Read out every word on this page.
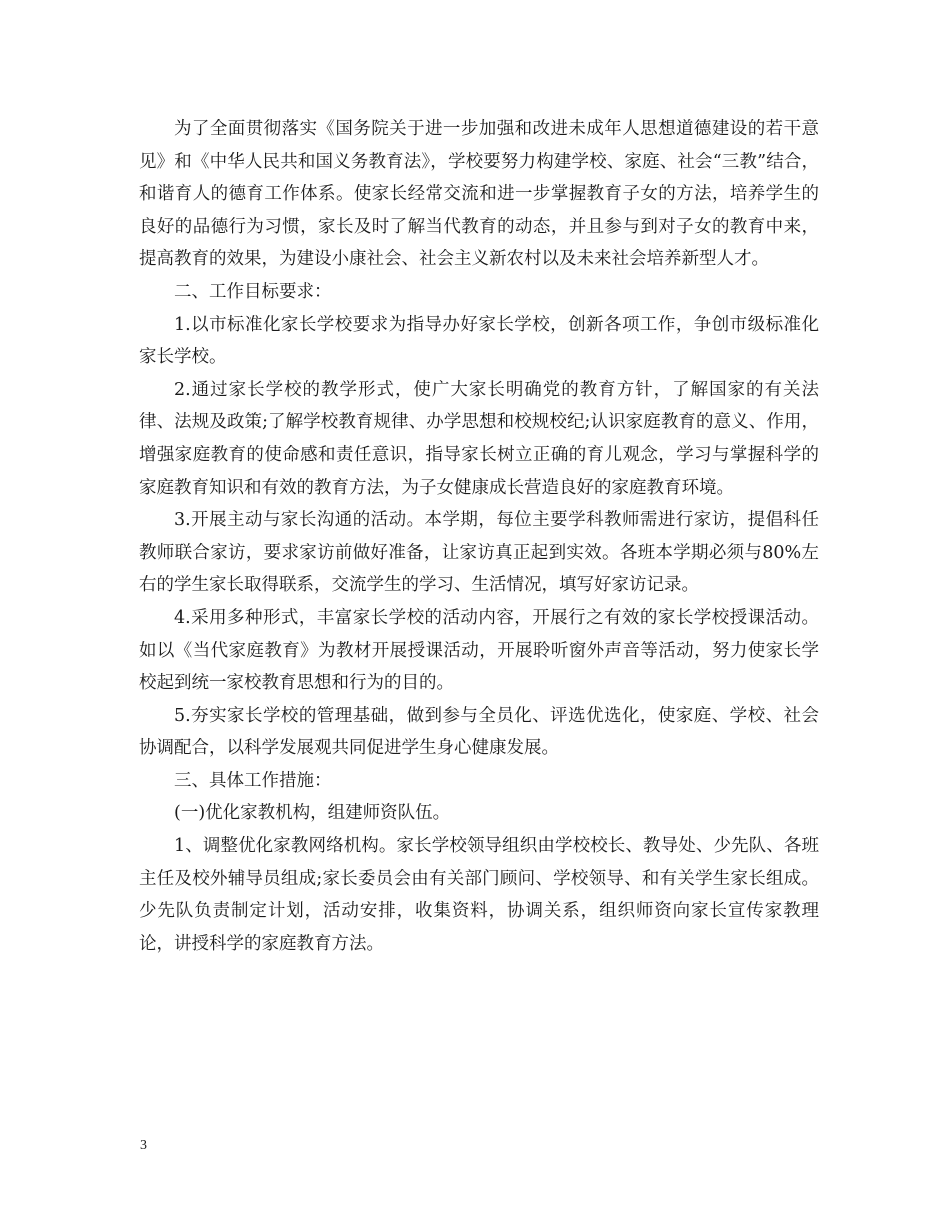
为了全面贯彻落实《国务院关于进一步加强和改进未成年人思想道德建设的若干意见》和《中华人民共和国义务教育法》，学校要努力构建学校、家庭、社会“三教”结合，和谐育人的德育工作体系。使家长经常交流和进一步掌握教育子女的方法，培养学生的良好的品德行为习惯，家长及时了解当代教育的动态，并且参与到对子女的教育中来，提高教育的效果，为建设小康社会、社会主义新农村以及未来社会培养新型人才。

二、工作目标要求：

1.以市标准化家长学校要求为指导办好家长学校，创新各项工作，争创市级标准化家长学校。

2.通过家长学校的教学形式，使广大家长明确党的教育方针，了解国家的有关法律、法规及政策;了解学校教育规律、办学思想和校规校纪;认识家庭教育的意义、作用，增强家庭教育的使命感和责任意识，指导家长树立正确的育儿观念，学习与掌握科学的家庭教育知识和有效的教育方法，为子女健康成长营造良好的家庭教育环境。

3.开展主动与家长沟通的活动。本学期，每位主要学科教师需进行家访，提倡科任教师联合家访，要求家访前做好准备，让家访真正起到实效。各班本学期必须与80%左右的学生家长取得联系，交流学生的学习、生活情况，填写好家访记录。

4.采用多种形式，丰富家长学校的活动内容，开展行之有效的家长学校授课活动。如以《当代家庭教育》为教材开展授课活动，开展聆听窗外声音等活动，努力使家长学校起到统一家校教育思想和行为的目的。

5.夯实家长学校的管理基础，做到参与全员化、评选优选化，使家庭、学校、社会协调配合，以科学发展观共同促进学生身心健康发展。

三、具体工作措施：

(一)优化家教机构，组建师资队伍。

1、调整优化家教网络机构。家长学校领导组织由学校校长、教导处、少先队、各班主任及校外辅导员组成;家长委员会由有关部门顾问、学校领导、和有关学生家长组成。少先队负责制定计划，活动安排，收集资料，协调关系，组织师资向家长宣传家教理论，讲授科学的家庭教育方法。

3
